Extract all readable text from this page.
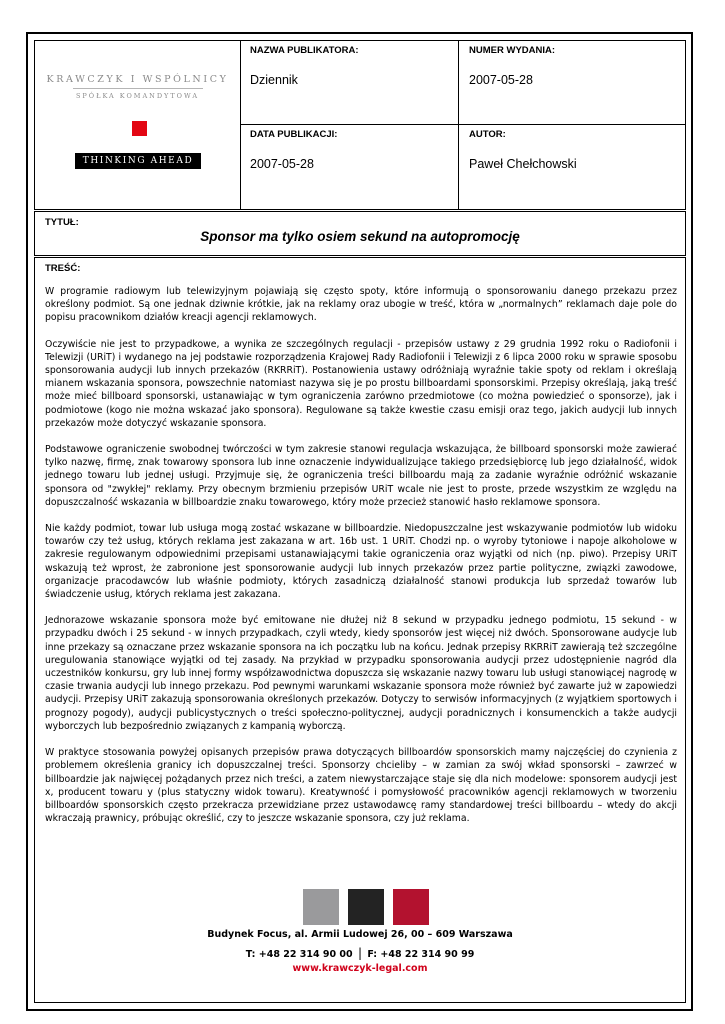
KRAWCZYK I WSPÓLNICY
SPÓŁKA KOMANDYTOWA
THINKING AHEAD
NAZWA PUBLIKATORA:
Dziennik
NUMER WYDANIA:
2007-05-28
DATA PUBLIKACJI:
2007-05-28
AUTOR:
Paweł Chełchowski
TYTUŁ:
Sponsor ma tylko osiem sekund na autopromocję
TREŚĆ:

W programie radiowym lub telewizyjnym pojawiają się często spoty, które informują o sponsorowaniu danego przekazu przez określony podmiot. Są one jednak dziwnie krótkie, jak na reklamy oraz ubogie w treść, która w „normalnych” reklamach daje pole do popisu pracownikom działów kreacji agencji reklamowych.

Oczywiście nie jest to przypadkowe, a wynika ze szczególnych regulacji - przepisów ustawy z 29 grudnia 1992 roku o Radiofonii i Telewizji (URiT) i wydanego na jej podstawie rozporządzenia Krajowej Rady Radiofonii i Telewizji z 6 lipca 2000 roku w sprawie sposobu sponsorowania audycji lub innych przekazów (RKRRiT). Postanowienia ustawy odróżniają wyraźnie takie spoty od reklam i określają mianem wskazania sponsora, powszechnie natomiast nazywa się je po prostu billboardami sponsorskimi. Przepisy określają, jaką treść może mieć billboard sponsorski, ustanawiając w tym ograniczenia zarówno przedmiotowe (co można powiedzieć o sponsorze), jak i podmiotowe (kogo nie można wskazać jako sponsora). Regulowane są także kwestie czasu emisji oraz tego, jakich audycji lub innych przekazów może dotyczyć wskazanie sponsora.

Podstawowe ograniczenie swobodnej twórczości w tym zakresie stanowi regulacja wskazująca, że billboard sponsorski może zawierać tylko nazwę, firmę, znak towarowy sponsora lub inne oznaczenie indywidualizujące takiego przedsiębiorcę lub jego działalność, widok jednego towaru lub jednej usługi. Przyjmuje się, że ograniczenia treści billboardu mają za zadanie wyraźnie odróżnić wskazanie sponsora od "zwykłej" reklamy. Przy obecnym brzmieniu przepisów URiT wcale nie jest to proste, przede wszystkim ze względu na dopuszczalność wskazania w billboardzie znaku towarowego, który może przecież stanowić hasło reklamowe sponsora.

Nie każdy podmiot, towar lub usługa mogą zostać wskazane w billboardzie. Niedopuszczalne jest wskazywanie podmiotów lub widoku towarów czy też usług, których reklama jest zakazana w art. 16b ust. 1 URiT. Chodzi np. o wyroby tytoniowe i napoje alkoholowe w zakresie regulowanym odpowiednimi przepisami ustanawiającymi takie ograniczenia oraz wyjątki od nich (np. piwo). Przepisy URiT wskazują też wprost, że zabronione jest sponsorowanie audycji lub innych przekazów przez partie polityczne, związki zawodowe, organizacje pracodawców lub właśnie podmioty, których zasadniczą działalność stanowi produkcja lub sprzedaż towarów lub świadczenie usług, których reklama jest zakazana.

Jednorazowe wskazanie sponsora może być emitowane nie dłużej niż 8 sekund w przypadku jednego podmiotu, 15 sekund - w przypadku dwóch i 25 sekund - w innych przypadkach, czyli wtedy, kiedy sponsorów jest więcej niż dwóch. Sponsorowane audycje lub inne przekazy są oznaczane przez wskazanie sponsora na ich początku lub na końcu. Jednak przepisy RKRRiT zawierają też szczególne uregulowania stanowiące wyjątki od tej zasady. Na przykład w przypadku sponsorowania audycji przez udostępnienie nagród dla uczestników konkursu, gry lub innej formy współzawodnictwa dopuszcza się wskazanie nazwy towaru lub usługi stanowiącej nagrodę w czasie trwania audycji lub innego przekazu. Pod pewnymi warunkami wskazanie sponsora może również być zawarte już w zapowiedzi audycji. Przepisy URiT zakazują sponsorowania określonych przekazów. Dotyczy to serwisów informacyjnych (z wyjątkiem sportowych i prognozy pogody), audycji publicystycznych o treści społeczno-politycznej, audycji poradnicznych i konsumenckich a także audycji wyborczych lub bezpośrednio związanych z kampanią wyborczą.

W praktyce stosowania powyżej opisanych przepisów prawa dotyczących billboardów sponsorskich mamy najczęściej do czynienia z problemem określenia granicy ich dopuszczalnej treści. Sponsorzy chcieliby – w zamian za swój wkład sponsorski – zawrzeć w billboardzie jak najwięcej pożądanych przez nich treści, a zatem niewystarczające staje się dla nich modelowe: sponsorem audycji jest x, producent towaru y (plus statyczny widok towaru). Kreatywność i pomysłowość pracowników agencji reklamowych w tworzeniu billboardów sponsorskich często przekracza przewidziane przez ustawodawcę ramy standardowej treści billboardu – wtedy do akcji wkraczają prawnicy, próbując określić, czy to jeszcze wskazanie sponsora, czy już reklama.

Budynek Focus, al. Armii Ludowej 26, 00 – 609 Warszawa
T: +48 22 314 90 00 | F: +48 22 314 90 99
www.krawczyk-legal.com
